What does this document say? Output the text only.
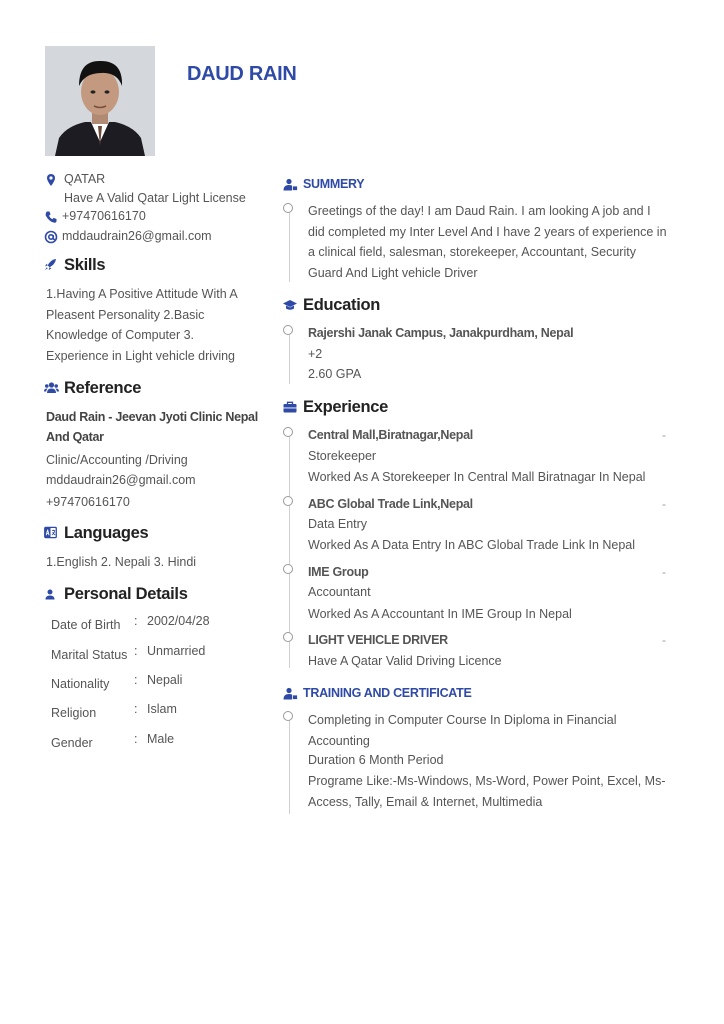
DAUD RAIN
QATAR
Have A Valid Qatar Light License
+97470616170
mddaudrain26@gmail.com
Skills
1.Having A Positive Attitude With A Pleasent Personality 2.Basic Knowledge of Computer 3. Experience in Light vehicle driving
Reference
Daud Rain - Jeevan Jyoti Clinic Nepal And Qatar
Clinic/Accounting /Driving
mddaudrain26@gmail.com
+97470616170
Languages
1.English 2. Nepali 3. Hindi
Personal Details
Date of Birth : 2002/04/28
Marital Status : Unmarried
Nationality : Nepali
Religion	: Islam
Gender	: Male
SUMMERY
Greetings of the day! I am Daud Rain. I am looking A job and I did completed my Inter Level And I have 2 years of experience in a clinical field, salesman, storekeeper, Accountant, Security Guard And Light vehicle Driver
Education
Rajershi Janak Campus, Janakpurdham, Nepal
+2
2.60 GPA
Experience
Central Mall,Biratnagar,Nepal	-
Storekeeper
Worked As A Storekeeper In Central Mall Biratnagar In Nepal
ABC Global Trade Link,Nepal	-
Data Entry
Worked As A Data Entry In ABC Global Trade Link In Nepal
IME Group	-
Accountant
Worked As A Accountant In IME Group In Nepal
LIGHT VEHICLE DRIVER	-
Have A Qatar Valid Driving Licence
TRAINING AND CERTIFICATE
Completing in Computer Course In Diploma in Financial Accounting
Duration 6 Month Period
Programe Like:-Ms-Windows, Ms-Word, Power Point, Excel, Ms-Access, Tally, Email & Internet, Multimedia
